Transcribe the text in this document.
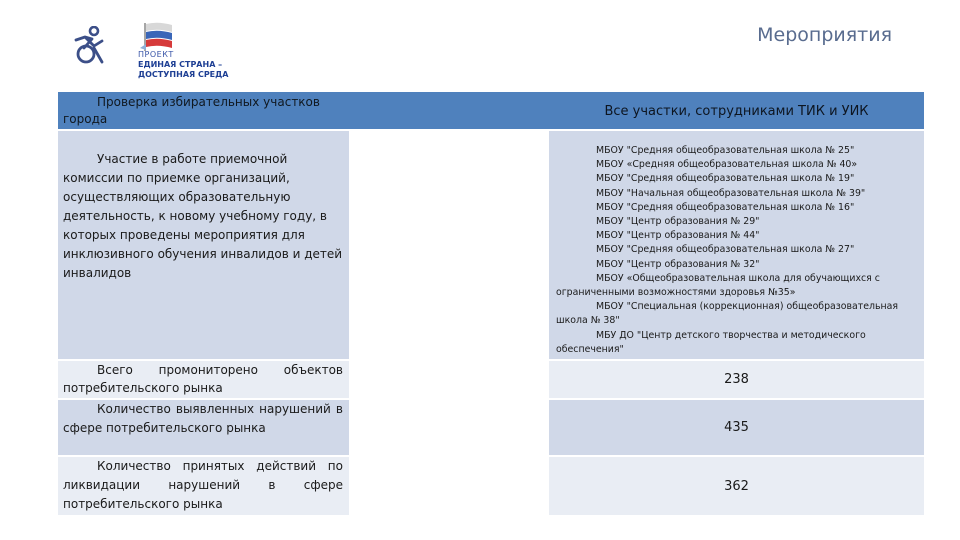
ПРОЕКТ
ЕДИНАЯ СТРАНА –
ДОСТУПНАЯ СРЕДА
Мероприятия
Проверка избирательных участков города	Все участки, сотрудниками ТИК и УИК
Участие в работе приемочной комиссии по приемке организаций, осуществляющих образовательную деятельность, к новому учебному году, в которых проведены мероприятия для инклюзивного обучения инвалидов и детей инвалидов
МБОУ "Средняя общеобразовательная школа № 25"
МБОУ «Средняя общеобразовательная школа № 40»
МБОУ "Средняя общеобразовательная школа № 19"
МБОУ "Начальная общеобразовательная школа № 39"
МБОУ "Средняя общеобразовательная школа № 16"
МБОУ "Центр образования № 29"
МБОУ "Центр образования № 44"
МБОУ "Средняя общеобразовательная школа № 27"
МБОУ "Центр образования № 32"
МБОУ «Общеобразовательная школа для обучающихся с ограниченными возможностями здоровья №35»
МБОУ "Специальная (коррекционная) общеобразовательная школа № 38"
МБУ ДО "Центр детского творчества и методического обеспечения"
Всего промониторено объектов потребительского рынка
238
Количество выявленных нарушений в сфере потребительского рынка	435
Количество принятых действий по ликвидации нарушений в сфере потребительского рынка
362
